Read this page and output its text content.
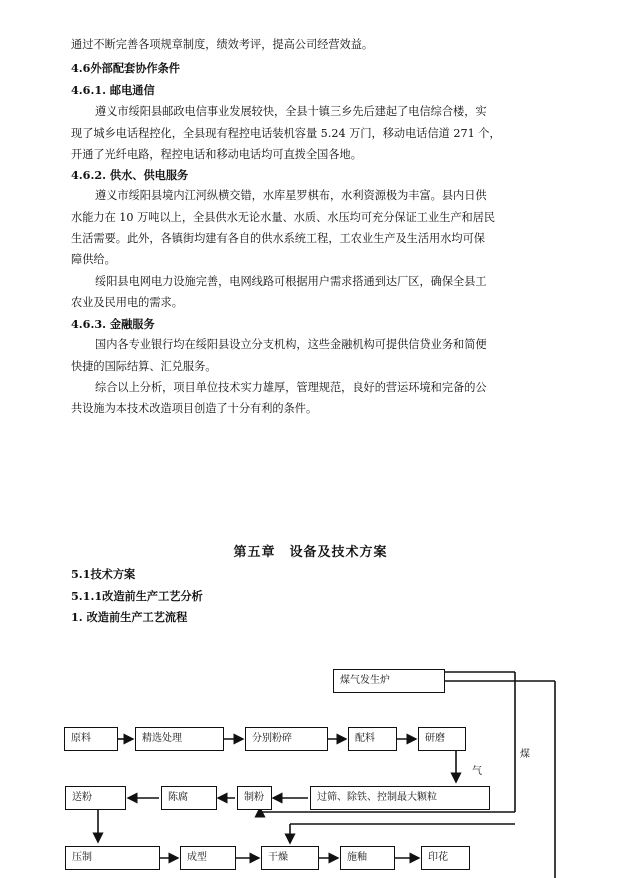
通过不断完善各项规章制度，绩效考评，提高公司经营效益。
4.6外部配套协作条件
4.6.1. 邮电通信
遵义市绥阳县邮政电信事业发展较快，全县十镇三乡先后建起了电信综合楼，实
现了城乡电话程控化，全县现有程控电话装机容量 5.24 万门，移动电话信道 271 个，
开通了光纤电路，程控电话和移动电话均可直拨全国各地。
4.6.2. 供水、供电服务
遵义市绥阳县境内江河纵横交错，水库星罗棋布，水利资源极为丰富。县内日供
水能力在 10 万吨以上，全县供水无论水量、水质、水压均可充分保证工业生产和居民
生活需要。此外，各镇街均建有各自的供水系统工程，工农业生产及生活用水均可保
障供给。
绥阳县电网电力设施完善，电网线路可根据用户需求搭通到达厂区，确保全县工
农业及民用电的需求。
4.6.3. 金融服务
国内各专业银行均在绥阳县设立分支机构，这些金融机构可提供信贷业务和简便
快捷的国际结算、汇兑服务。
综合以上分析，项目单位技术实力雄厚，管理规范，良好的营运环境和完备的公
共设施为本技术改造项目创造了十分有利的条件。
第五章　设备及技术方案
5.1技术方案
5.1.1改造前生产工艺分析
1. 改造前生产工艺流程
煤气发生炉
原料	精选处理	分别粉碎	配料	研磨
送粉	陈腐	制粉	过筛、除铁、控制最大颗粒
压制	成型	干燥	施釉	印花
煤
气
